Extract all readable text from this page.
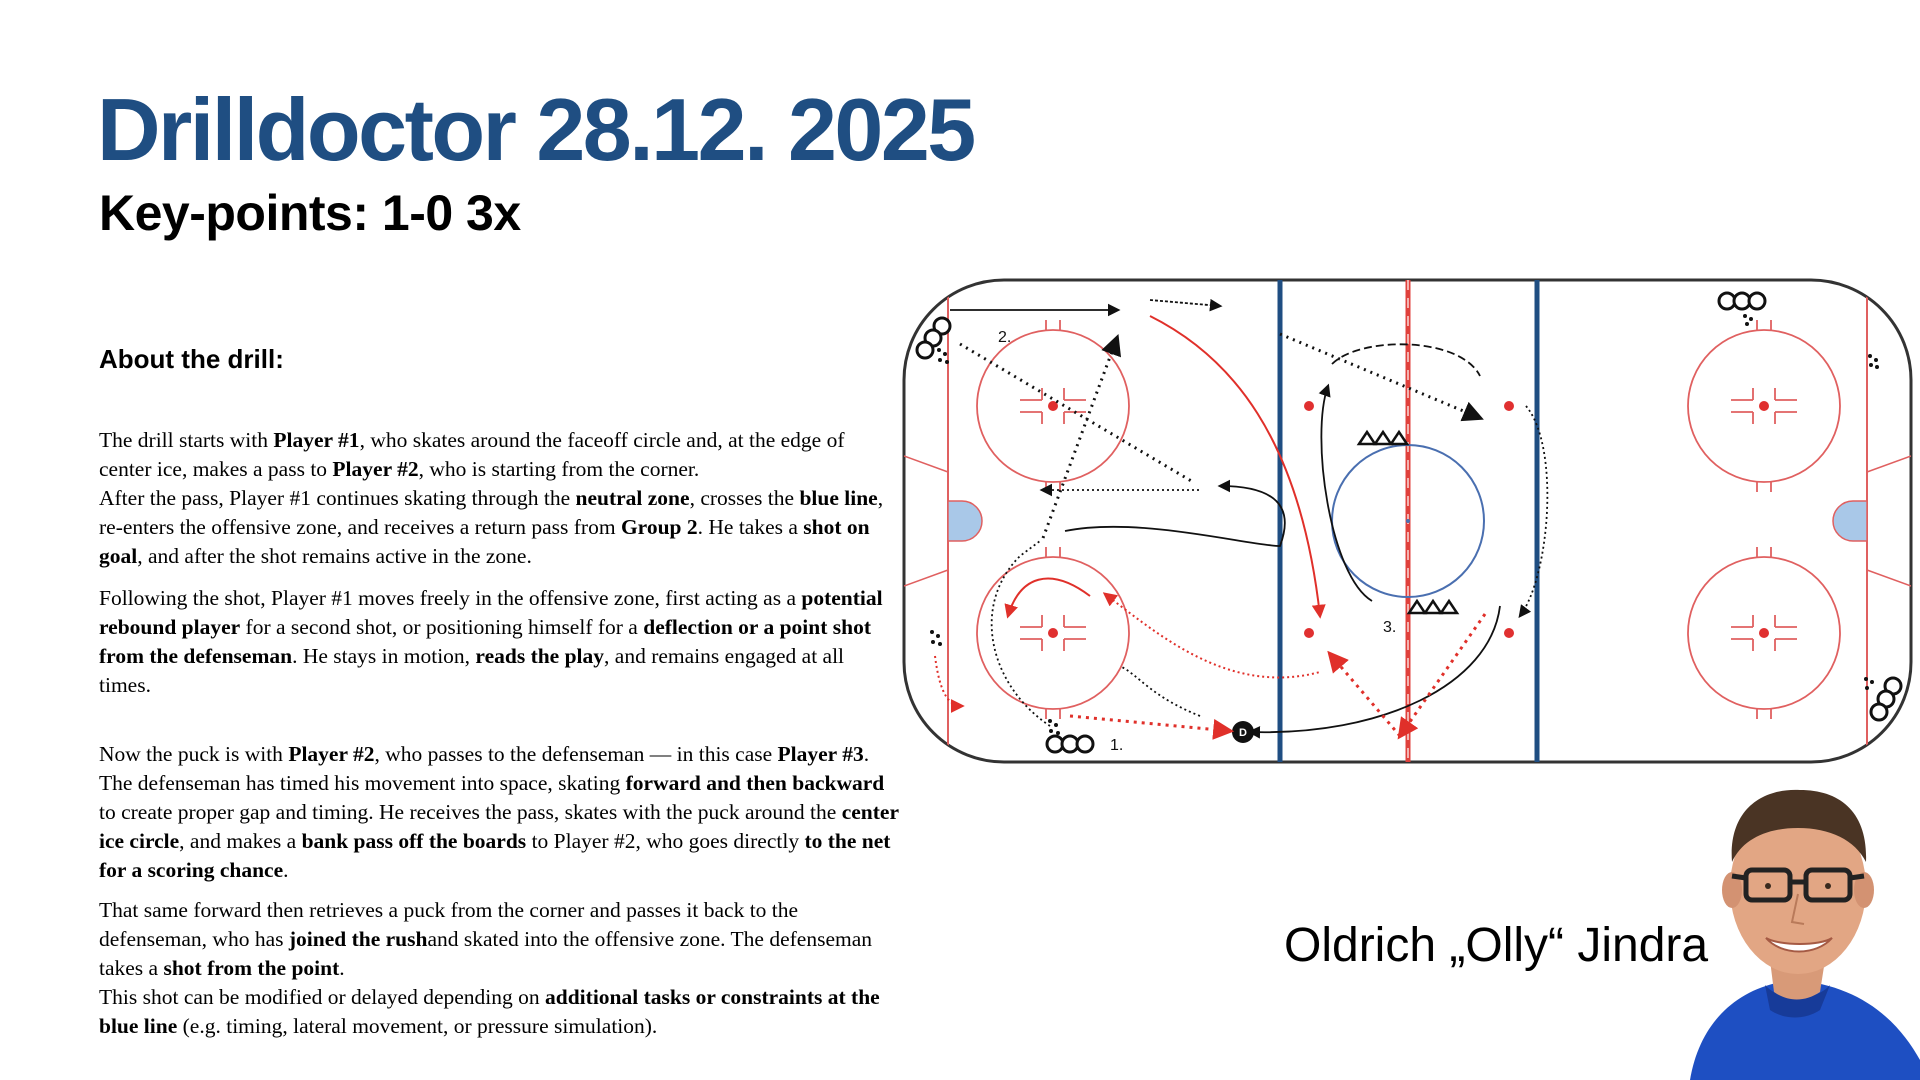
Drilldoctor 28.12. 2025
Key-points: 1-0 3x
About the drill:

The drill starts with Player #1, who skates around the faceoff circle and, at the edge of center ice, makes a pass to Player #2, who is starting from the corner.
After the pass, Player #1 continues skating through the neutral zone, crosses the blue line, re-enters the offensive zone, and receives a return pass from Group 2. He takes a shot on goal, and after the shot remains active in the zone.

Following the shot, Player #1 moves freely in the offensive zone, first acting as a potential rebound player for a second shot, or positioning himself for a deflection or a point shot from the defenseman. He stays in motion, reads the play, and remains engaged at all times.

Now the puck is with Player #2, who passes to the defenseman — in this case Player #3. The defenseman has timed his movement into space, skating forward and then backward to create proper gap and timing. He receives the pass, skates with the puck around the center ice circle, and makes a bank pass off the boards to Player #2, who goes directly to the net for a scoring chance.

That same forward then retrieves a puck from the corner and passes it back to the defenseman, who has joined the rushand skated into the offensive zone. The defenseman takes a shot from the point.
This shot can be modified or delayed depending on additional tasks or constraints at the blue line (e.g. timing, lateral movement, or pressure simulation).

D
1.
2.
3.
Oldrich „Olly“ Jindra
